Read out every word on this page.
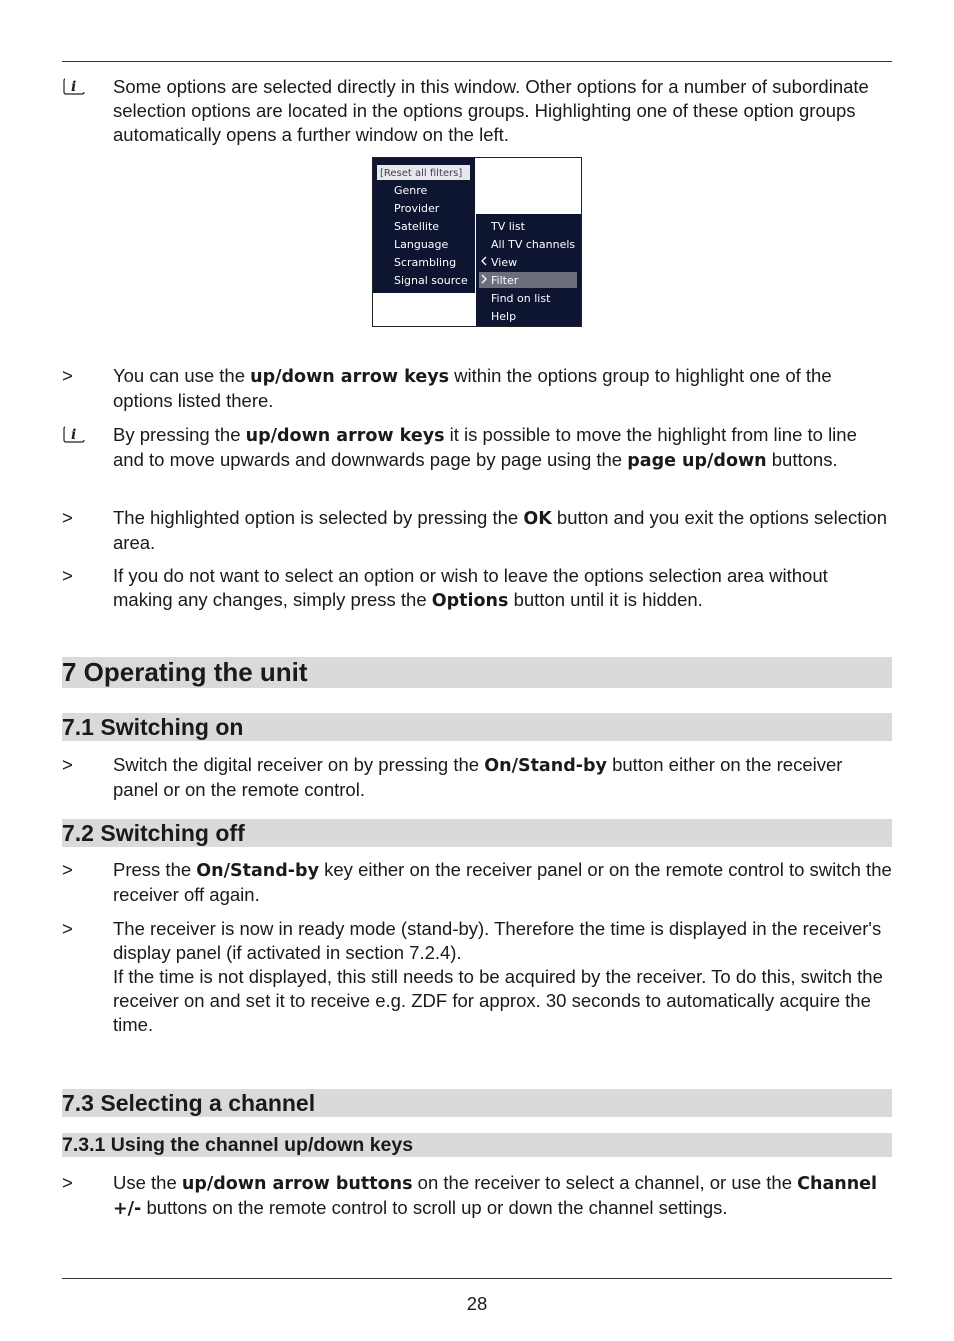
i Some options are selected directly in this window. Other options for a number of subordinate selection options are located in the options groups. Highlighting one of these option groups automatically opens a further window on the left.
[Reset all filters]
Genre
Provider
Satellite
Language
Scrambling
Signal source
TV list
All TV channels
View
Filter
Find on list
Help
>	You can use the up/down arrow keys within the options group to highlight one of the options listed there.
i By pressing the up/down arrow keys it is possible to move the highlight from line to line and to move upwards and downwards page by page using the page up/down buttons.
>	The highlighted option is selected by pressing the OK button and you exit the options selection area.
>	If you do not want to select an option or wish to leave the options selection area without making any changes, simply press the Options button until it is hidden.
7 Operating the unit
7.1 Switching on
>	Switch the digital receiver on by pressing the On/Stand-by button either on the receiver panel or on the remote control.
7.2 Switching off
>	Press the On/Stand-by key either on the receiver panel or on the remote control to switch the receiver off again.
>	The receiver is now in ready mode (stand-by). Therefore the time is displayed in the receiver's display panel (if activated in section 7.2.4).
If the time is not displayed, this still needs to be acquired by the receiver. To do this, switch the receiver on and set it to receive e.g. ZDF for approx. 30 seconds to automatically acquire the time.
7.3 Selecting a channel
7.3.1 Using the channel up/down keys
>	Use the up/down arrow buttons on the receiver to select a channel, or use the Channel +/- buttons on the remote control to scroll up or down the channel settings.
28
